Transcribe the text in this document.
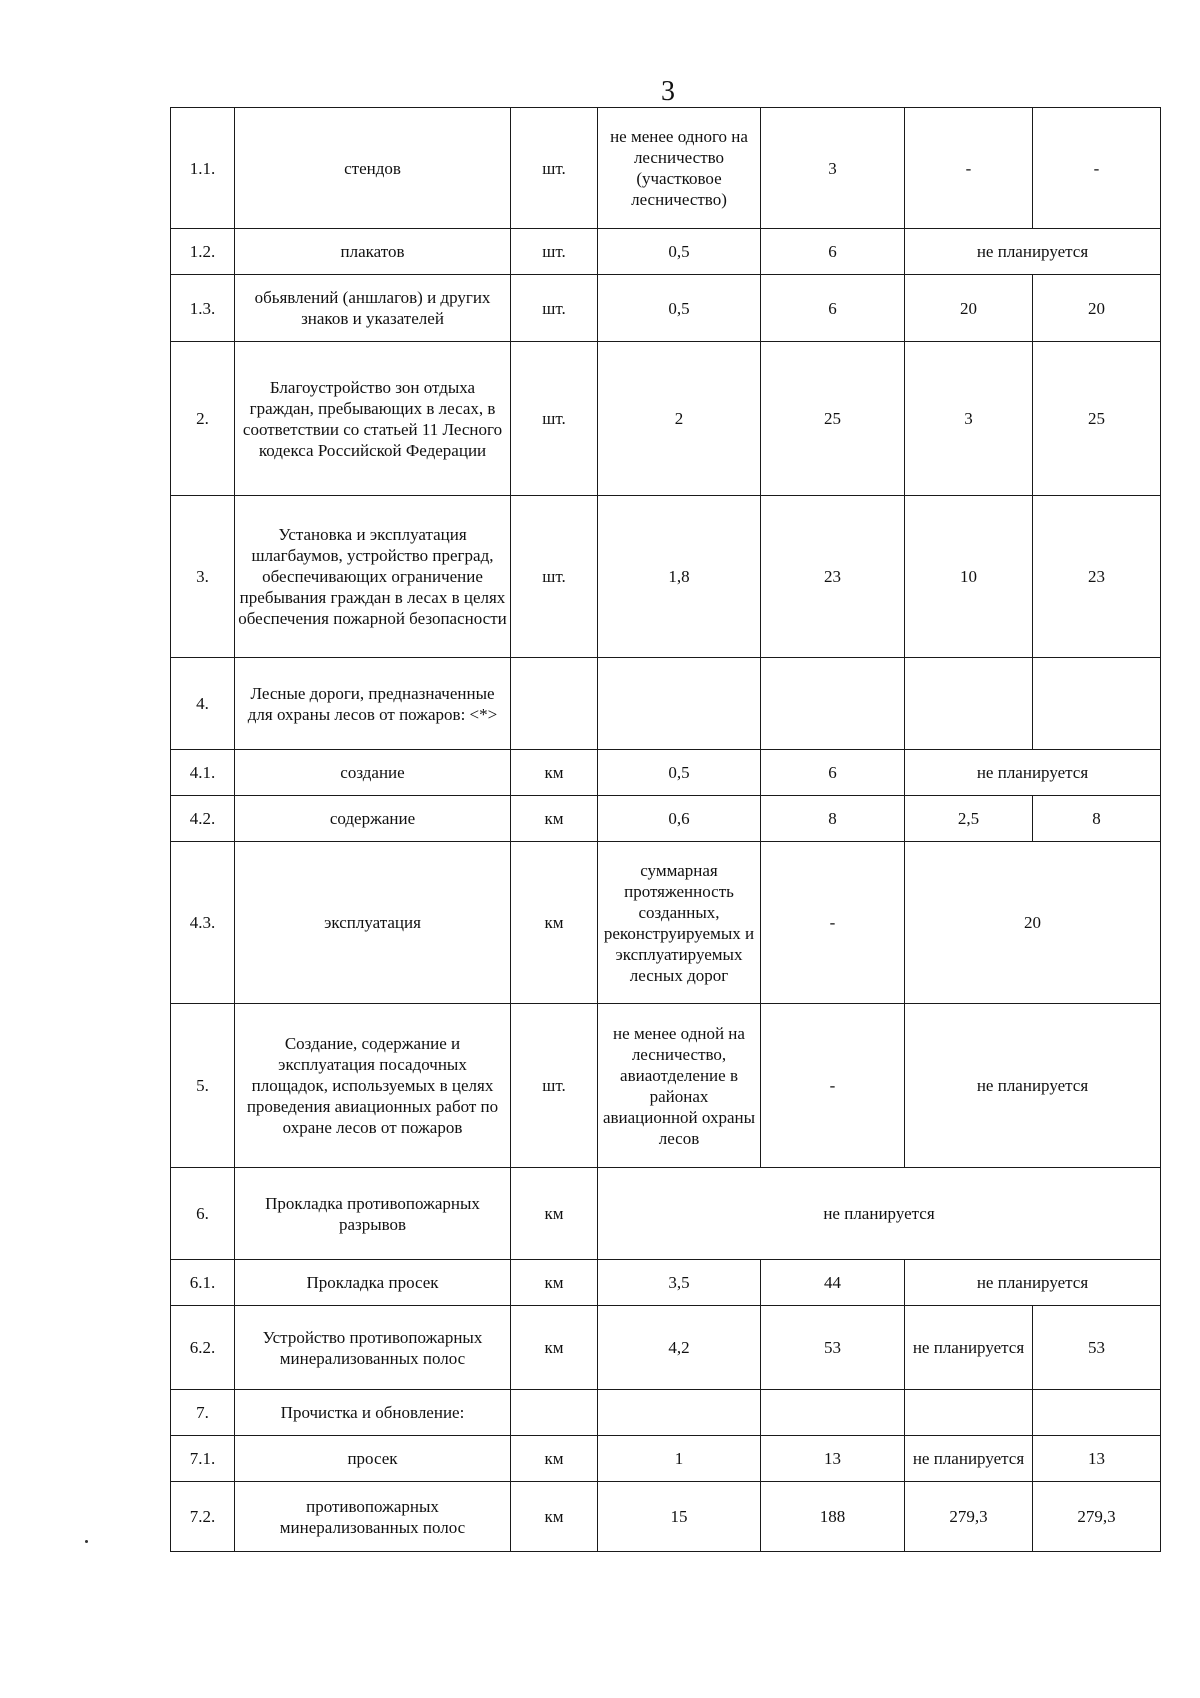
3
1.1.	стендов	шт.	не менее одного на лесничество (участковое лесничество)	3	-	-
1.2.	плакатов	шт.	0,5	6	не планируется	
1.3.	обьявлений (аншлагов) и других знаков и указателей	шт.	0,5	6	20	20
2.	Благоустройство зон отдыха граждан, пребывающих в лесах, в соответствии со статьей 11 Лесного кодекса Российской Федерации	шт.	2	25	3	25
3.	Установка и эксплуатация шлагбаумов, устройство преград, обеспечивающих ограничение пребывания граждан в лесах в целях обеспечения пожарной безопасности	шт.	1,8	23	10	23
4.	Лесные дороги, предназначенные для охраны лесов от пожаров: <*>					
4.1.	создание	км	0,5	6	не планируется	
4.2.	содержание	км	0,6	8	2,5	8
4.3.	эксплуатация	км	суммарная протяженность созданных, реконструируемых и эксплуатируемых лесных дорог	-	20	
5.	Создание, содержание и эксплуатация посадочных площадок, используемых в целях проведения авиационных работ по охране лесов от пожаров	шт.	не менее одной на лесничество, авиаотделение в районах авиационной охраны лесов	-	не планируется	
6.	Прокладка противопожарных разрывов	км	не планируется			
6.1.	Прокладка просек	км	3,5	44	не планируется	
6.2.	Устройство противопожарных минерализованных полос	км	4,2	53	не планируется	53
7.	Прочистка и обновление:					
7.1.	просек	км	1	13	не планируется	13
7.2.	противопожарных минерализованных полос	км	15	188	279,3	279,3
